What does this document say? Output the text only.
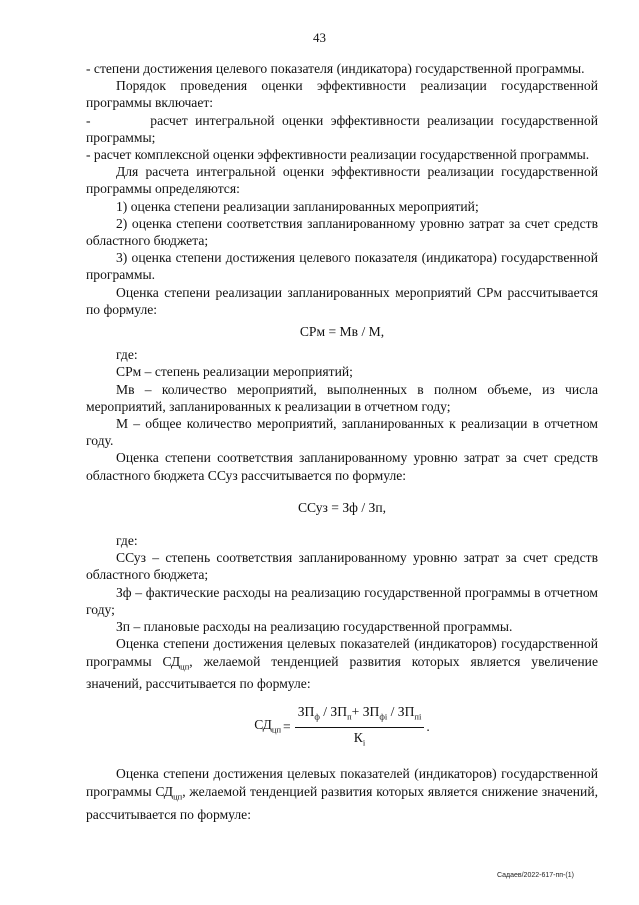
43

- степени достижения целевого показателя (индикатора) государственной программы.

Порядок проведения оценки эффективности реализации государственной программы включает:

-	расчет интегральной оценки эффективности реализации государственной программы;

- расчет комплексной оценки эффективности реализации государственной программы.

Для расчета интегральной оценки эффективности реализации государственной программы определяются:

1) оценка степени реализации запланированных мероприятий;

2) оценка степени соответствия запланированному уровню затрат за счет средств областного бюджета;

3) оценка степени достижения целевого показателя (индикатора) государственной программы.

Оценка степени реализации запланированных мероприятий СРм рассчитывается по формуле:

СРм = Мв / М,

где:

СРм – степень реализации мероприятий;

Мв – количество мероприятий, выполненных в полном объеме, из числа мероприятий, запланированных к реализации в отчетном году;

М – общее количество мероприятий, запланированных к реализации в отчетном году.

Оценка степени соответствия запланированному уровню затрат за счет средств областного бюджета ССуз рассчитывается по формуле:

ССуз = Зф / Зп,

где:

ССуз – степень соответствия запланированному уровню затрат за счет средств областного бюджета;

Зф – фактические расходы на реализацию государственной программы в отчетном году;

Зп – плановые расходы на реализацию государственной программы.

Оценка степени достижения целевых показателей (индикаторов) государственной программы $СД_{цп}$, желаемой тенденцией развития которых является увеличение значений, рассчитывается по формуле:

$СД_{цп} = \frac{ЗП_ф / ЗП_п+ ЗП_{фi} / ЗП_{пi}}{К_i}$ .

Оценка степени достижения целевых показателей (индикаторов) государственной программы $СД_{цп}$, желаемой тенденцией развития которых является снижение значений, рассчитывается по формуле:

Садаев/2022-617-пп-(1)
